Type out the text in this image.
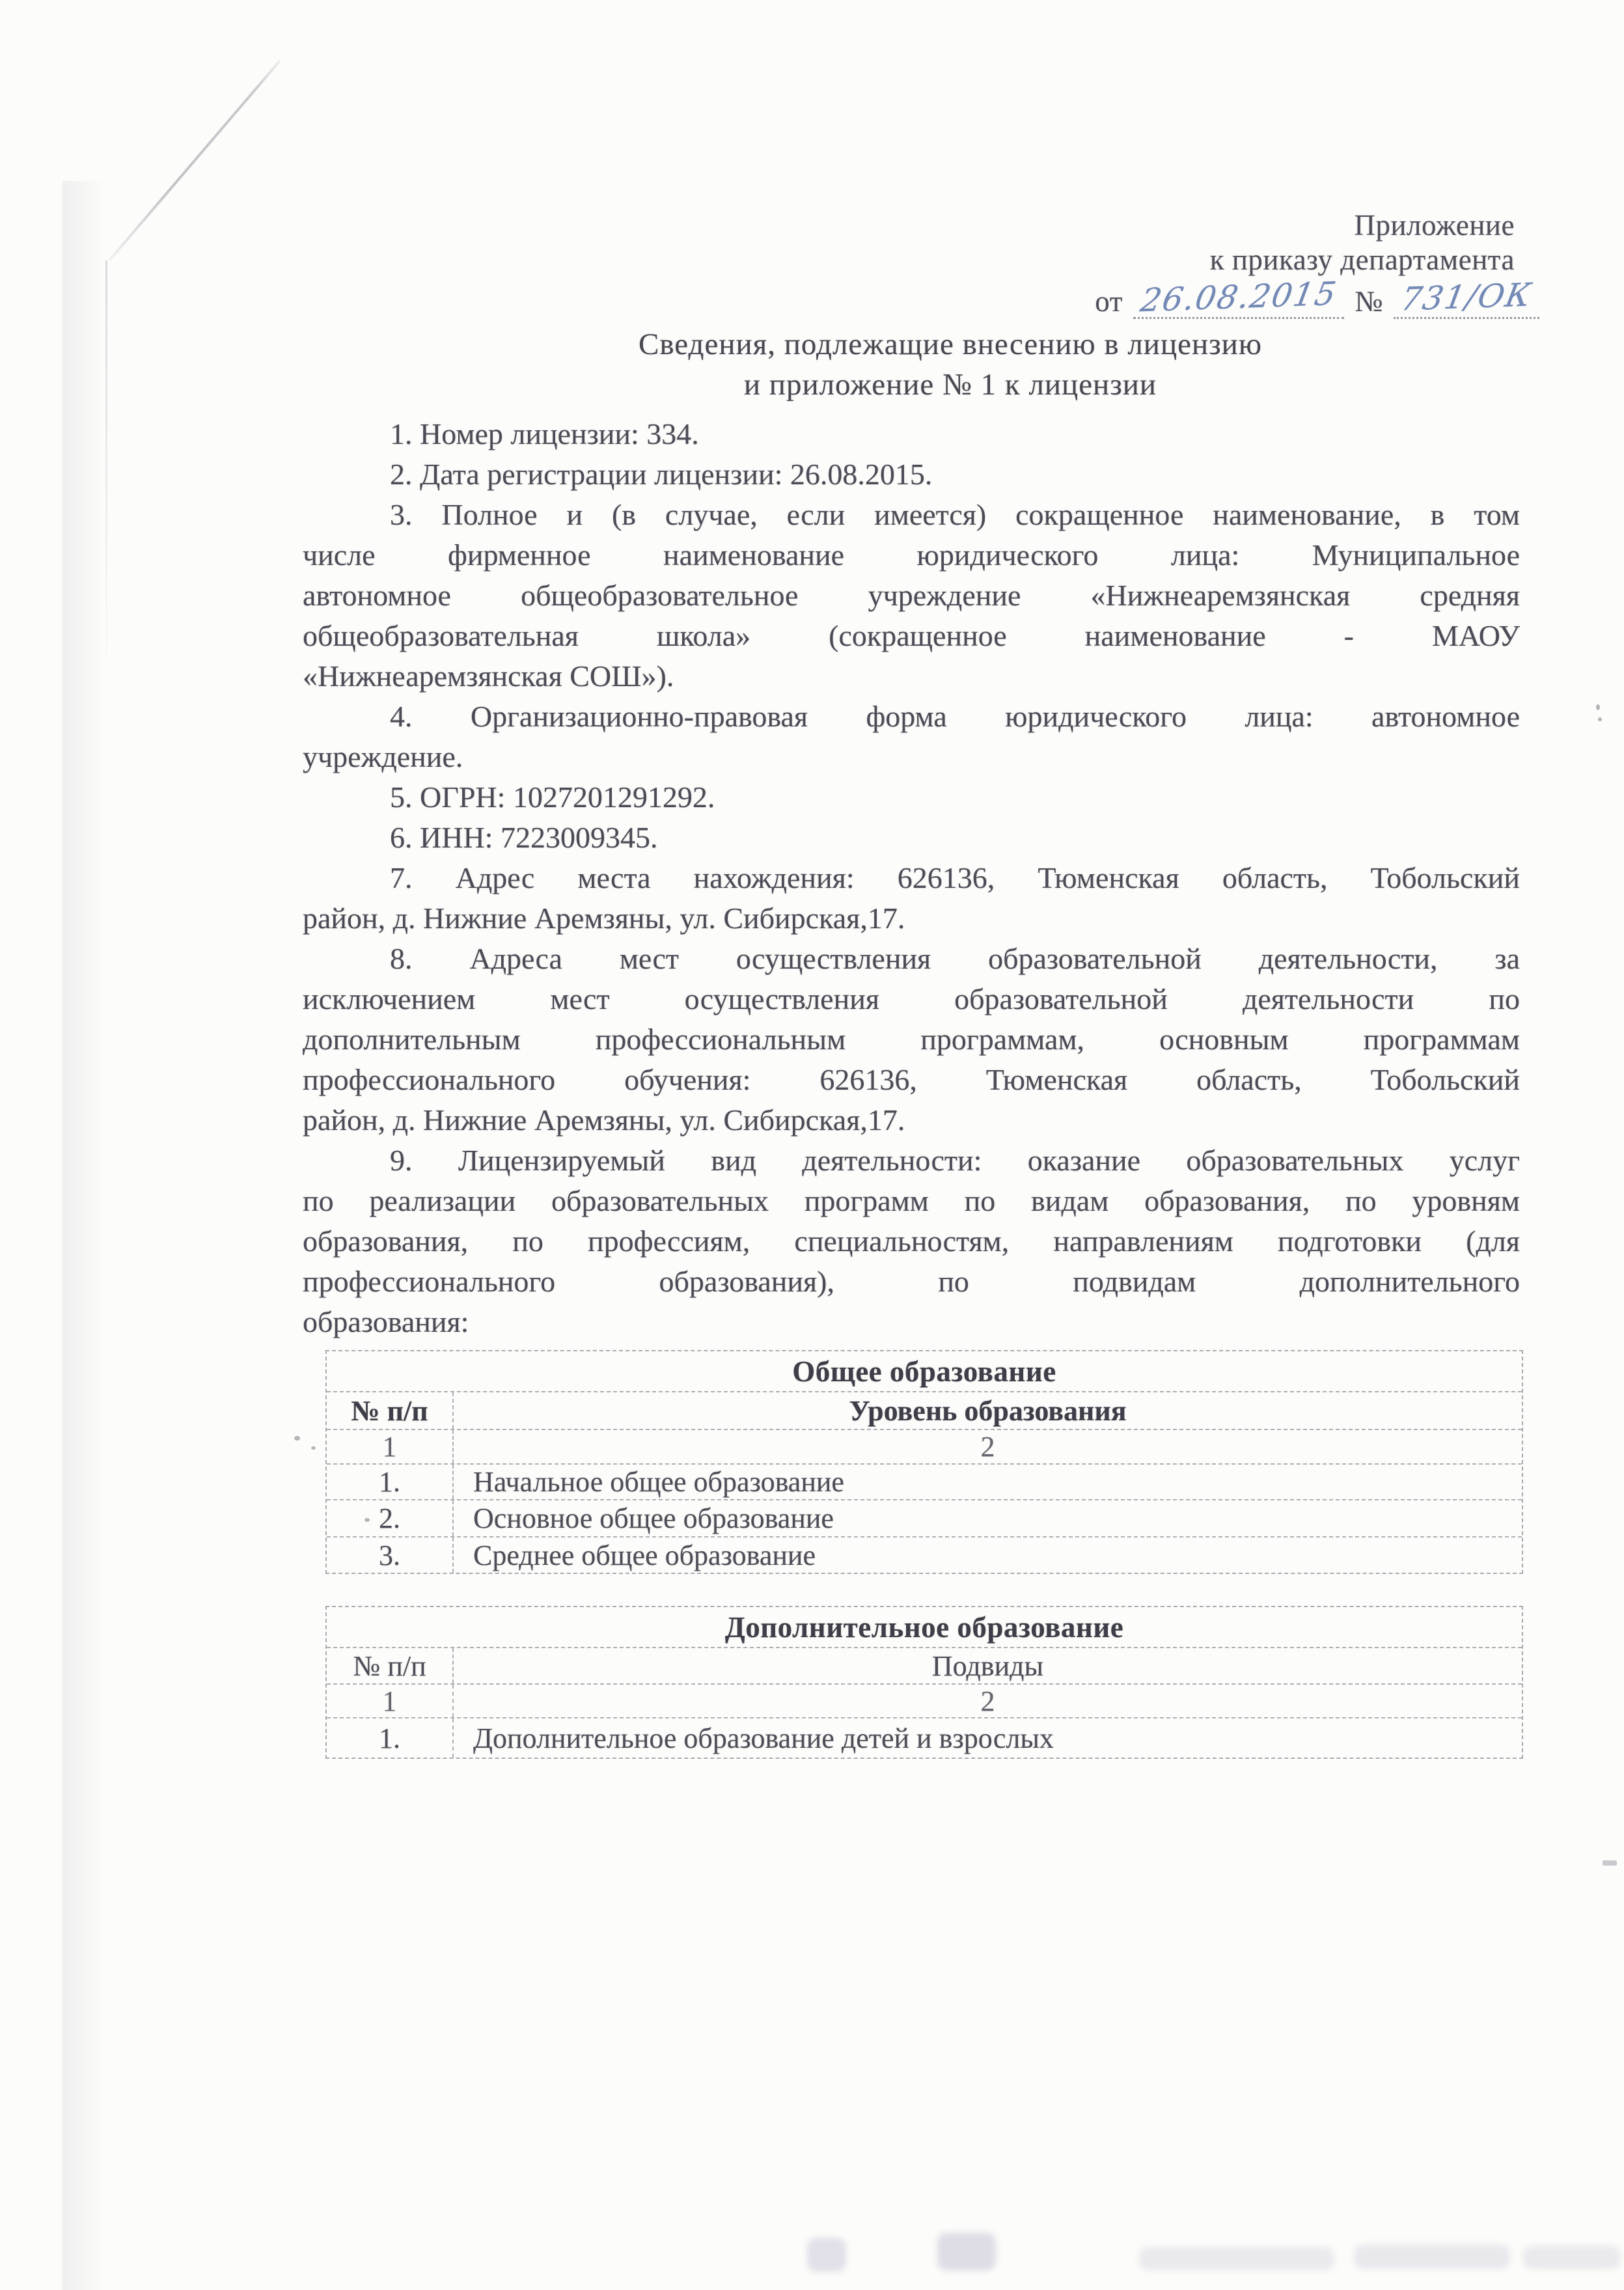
Приложение
к приказу департамента
от 26.08.2015 № 731/ОК
Сведения, подлежащие внесению в лицензию
и приложение № 1 к лицензии
1. Номер лицензии: 334.
2. Дата регистрации лицензии: 26.08.2015.
3. Полное и (в случае, если имеется) сокращенное наименование, в том
числе фирменное наименование юридического лица: Муниципальное
автономное общеобразовательное учреждение «Нижнеаремзянская средняя
общеобразовательная школа» (сокращенное наименование - МАОУ
«Нижнеаремзянская СОШ»).
4. Организационно-правовая форма юридического лица: автономное
учреждение.
5. ОГРН: 1027201291292.
6. ИНН: 7223009345.
7. Адрес места нахождения: 626136, Тюменская область, Тобольский
район, д. Нижние Аремзяны, ул. Сибирская,17.
8. Адреса мест осуществления образовательной деятельности, за
исключением мест осуществления образовательной деятельности по
дополнительным профессиональным программам, основным программам
профессионального обучения: 626136, Тюменская область, Тобольский
район, д. Нижние Аремзяны, ул. Сибирская,17.
9. Лицензируемый вид деятельности: оказание образовательных услуг
по реализации образовательных программ по видам образования, по уровням
образования, по профессиям, специальностям, направлениям подготовки (для
профессионального образования), по подвидам дополнительного
образования:
Общее образование
№ п/п	Уровень образования
1	2
1.	Начальное общее образование
2.	Основное общее образование
3.	Среднее общее образование
Дополнительное образование
№ п/п	Подвиды
1	2
1.	Дополнительное образование детей и взрослых
